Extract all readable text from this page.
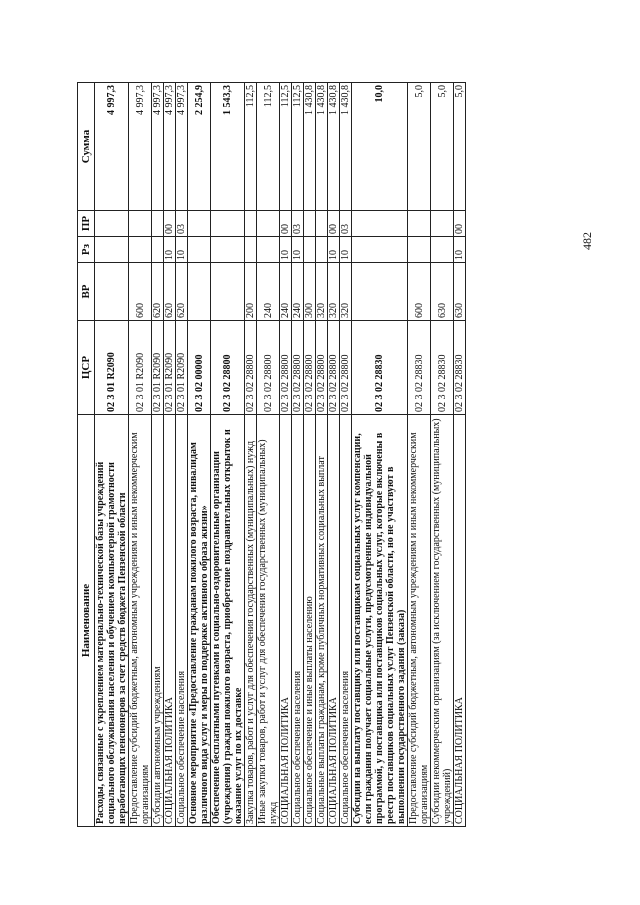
482
Наименование	ЦСР	ВР	Рз	ПР	Сумма
Расходы, связанные с укреплением материально-технической базы учреждений социального обслуживания населения и обучением компьютерной грамотности неработающих пенсионеров за счет средств бюджета Пензенской области	02 3 01 R2090				4 997,3
Предоставление субсидий бюджетным, автономным учреждениям и иным некоммерческим организациям	02 3 01 R2090	600			4 997,3
Субсидии автономным учреждениям	02 3 01 R2090	620			4 997,3
СОЦИАЛЬНАЯ ПОЛИТИКА	02 3 01 R2090	620	10	00	4 997,3
Социальное обеспечение населения	02 3 01 R2090	620	10	03	4 997,3
Основное мероприятие «Предоставление гражданам пожилого возраста, инвалидам различного вида услуг и меры по поддержке активного образа жизни»	02 3 02 00000				2 254,9
Обеспечение бесплатными путевками в социально-оздоровительные организации (учреждения) граждан пожилого возраста, приобретение поздравительных открыток и оказание услуг по их доставке	02 3 02 28800				1 543,3
Закупка товаров, работ и услуг для обеспечения государственных (муниципальных) нужд	02 3 02 28800	200			112,5
Иные закупки товаров, работ и услуг для обеспечения государственных (муниципальных) нужд	02 3 02 28800	240			112,5
СОЦИАЛЬНАЯ ПОЛИТИКА	02 3 02 28800	240	10	00	112,5
Социальное обеспечение населения	02 3 02 28800	240	10	03	112,5
Социальное обеспечение и иные выплаты населению	02 3 02 28800	300			1 430,8
Социальные выплаты гражданам, кроме публичных нормативных социальных выплат	02 3 02 28800	320			1 430,8
СОЦИАЛЬНАЯ ПОЛИТИКА	02 3 02 28800	320	10	00	1 430,8
Социальное обеспечение населения	02 3 02 28800	320	10	03	1 430,8
Субсидии на выплату поставщику или поставщикам социальных услуг компенсации, если гражданин получает социальные услуги, предусмотренные индивидуальной программой, у поставщика или поставщиков социальных услуг, которые включены в реестр поставщиков социальных услуг Пензенской области, но не участвуют в выполнении государственного задания (заказа)	02 3 02 28830				10,0
Предоставление субсидий бюджетным, автономным учреждениям и иным некоммерческим организациям	02 3 02 28830	600			5,0
Субсидии некоммерческим организациям (за исключением государственных (муниципальных) учреждений)	02 3 02 28830	630			5,0
СОЦИАЛЬНАЯ ПОЛИТИКА	02 3 02 28830	630	10	00	5,0
